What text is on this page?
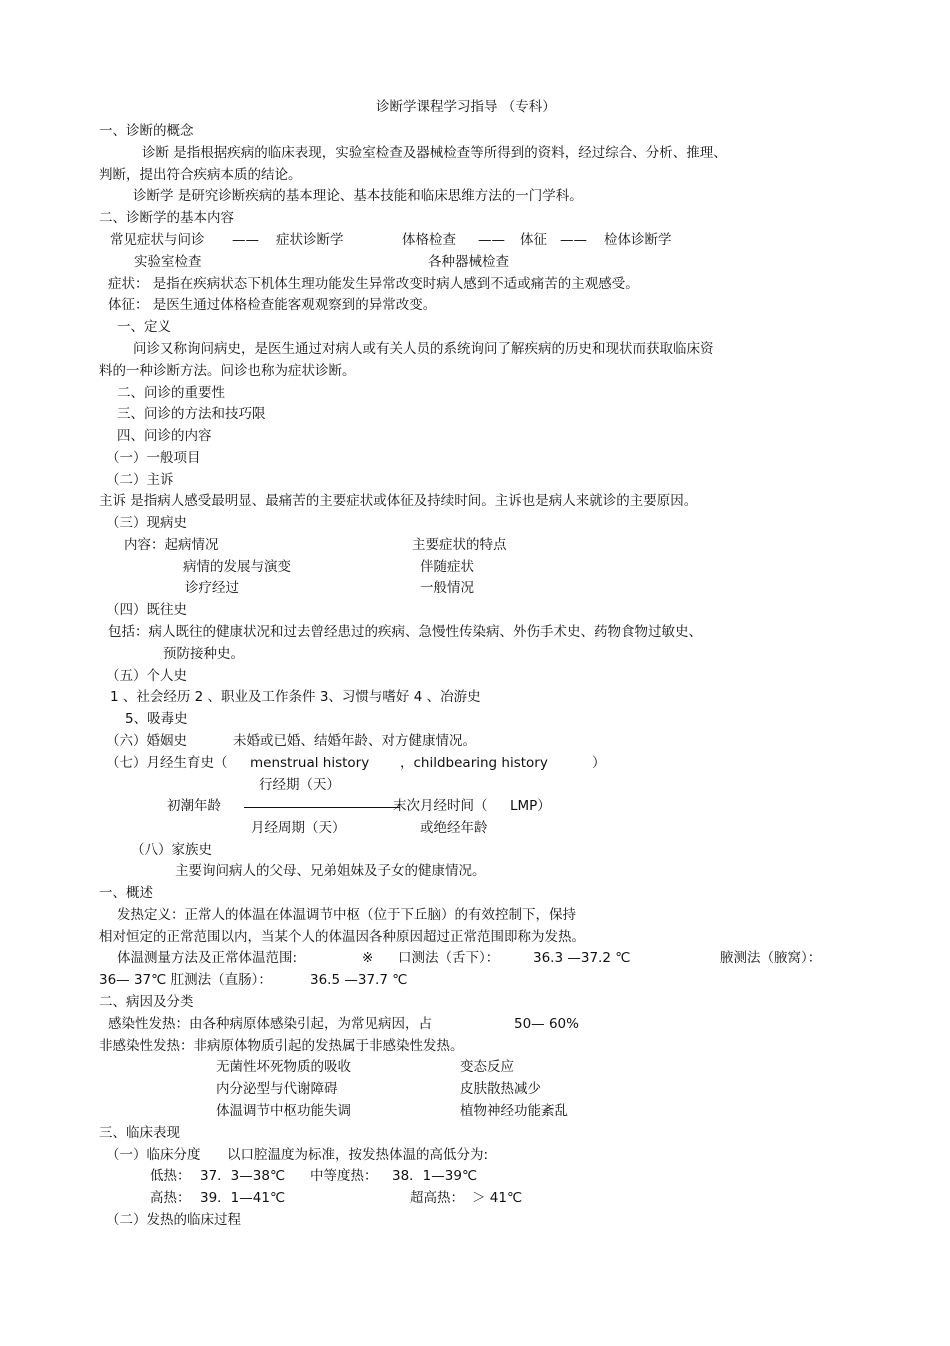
诊断学课程学习指导 （专科）
一、诊断的概念
诊断 是指根据疾病的临床表现，实验室检查及器械检查等所得到的资料，经过综合、分析、推理、
判断，提出符合疾病本质的结论。
诊断学 是研究诊断疾病的基本理论、基本技能和临床思维方法的一门学科。
二、诊断学的基本内容
常见症状与问诊 —— 症状诊断学	体格检查 —— 体征 —— 检体诊断学
实验室检查	各种器械检查
症状： 是指在疾病状态下机体生理功能发生异常改变时病人感到不适或痛苦的主观感受。
体征： 是医生通过体格检查能客观观察到的异常改变。
一、定义
问诊又称询问病史，是医生通过对病人或有关人员的系统询问了解疾病的历史和现状而获取临床资
料的一种诊断方法。问诊也称为症状诊断。
二、问诊的重要性
三、问诊的方法和技巧限
四、问诊的内容
（一）一般项目
（二）主诉
主诉 是指病人感受最明显、最痛苦的主要症状或体征及持续时间。主诉也是病人来就诊的主要原因。
（三）现病史
内容：起病情况	主要症状的特点
病情的发展与演变	伴随症状
诊疗经过	一般情况
（四）既往史
包括：病人既往的健康状况和过去曾经患过的疾病、急慢性传染病、外伤手术史、药物食物过敏史、
预防接种史。
（五）个人史
1 、社会经历 2 、职业及工作条件 3、习惯与嗜好 4 、冶游史
5、吸毒史
（六）婚姻史	未婚或已婚、结婚年龄、对方健康情况。
（七）月经生育史（ menstrual history ，childbearing history	）
行经期（天）
初潮年龄	末次月经时间（ LMP）
月经周期（天）	或绝经年龄
（八）家族史
主要询问病人的父母、兄弟姐妹及子女的健康情况。
一、概述
发热定义：正常人的体温在体温调节中枢（位于下丘脑）的有效控制下，保持
相对恒定的正常范围以内，当某个人的体温因各种原因超过正常范围即称为发热。
体温测量方法及正常体温范围:	※ 口测法（舌下）：	36.3 —37.2 ℃	腋测法（腋窝）：
36— 37℃ 肛测法（直肠）：	36.5 —37.7 ℃
二、病因及分类
感染性发热：由各种病原体感染引起，为常见病因，占	50— 60%
非感染性发热：非病原体物质引起的发热属于非感染性发热。
无菌性坏死物质的吸收	变态反应
内分泌型与代谢障碍	皮肤散热减少
体温调节中枢功能失调	植物神经功能紊乱
三、临床表现
（一）临床分度 以口腔温度为标准，按发热体温的高低分为:
低热： 37．3—38℃ 中等度热： 38．1—39℃
高热： 39．1—41℃	超高热： ＞ 41℃
（二）发热的临床过程
